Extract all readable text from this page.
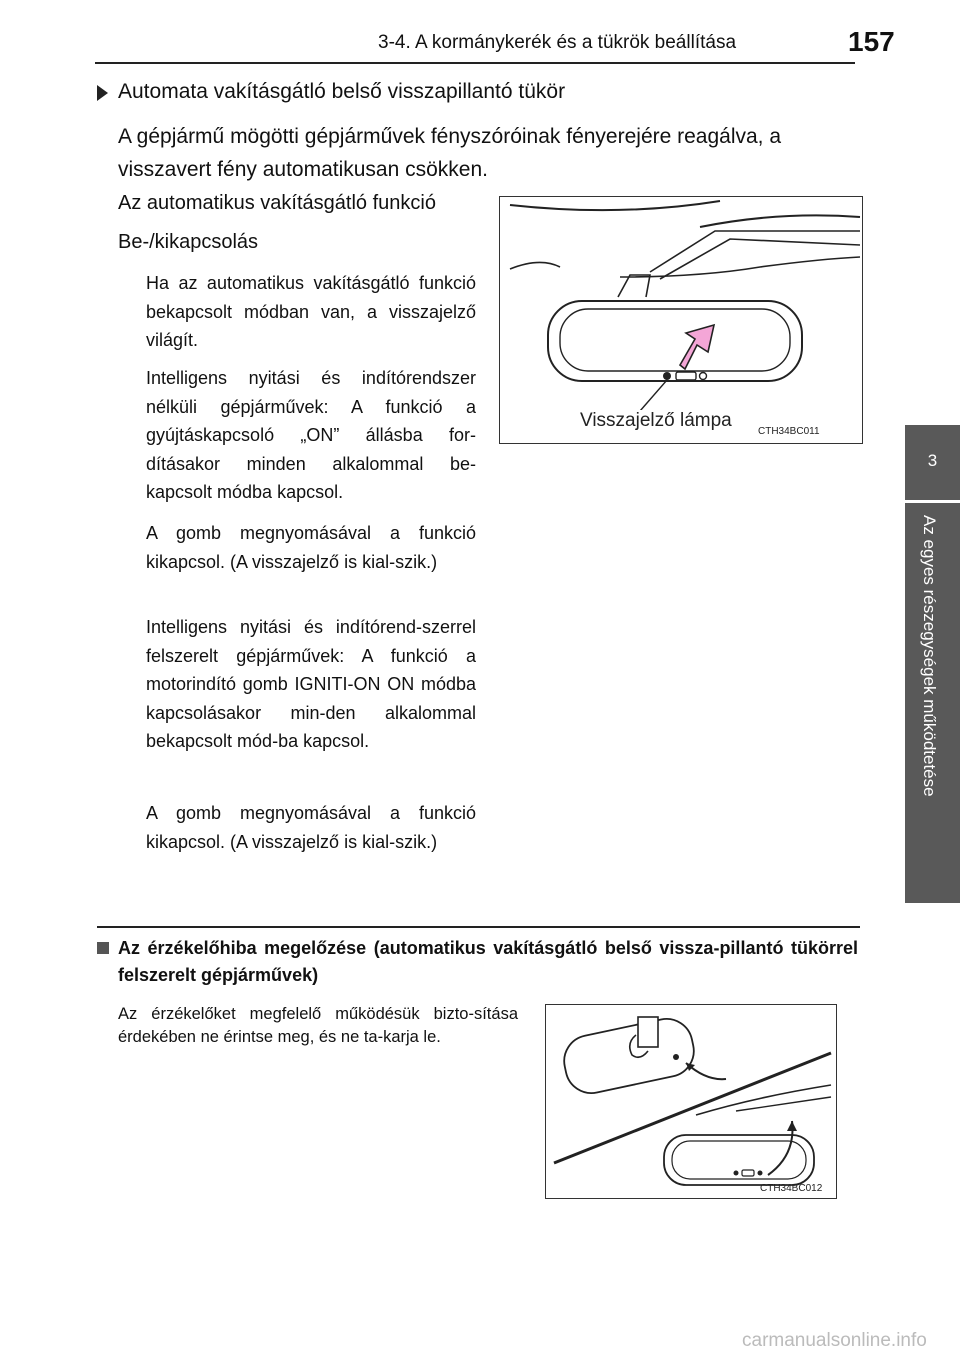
3-4. A kormánykerék és a tükrök beállítása	157
3
Az egyes részegységek működtetése
Automata vakításgátló belső visszapillantó tükör
A gépjármű mögötti gépjárművek fényszóróinak fényerejére reagálva, a visszavert fény automatikusan csökken.
Az automatikus vakításgátló funkció
Be-/kikapcsolás
Ha az automatikus vakításgátló funkció bekapcsolt módban van, a visszajelző világít.
Intelligens nyitási és indítórendszer nélküli gépjárművek: A funkció a gyújtáskapcsoló „ON” állásba for-dításakor minden alkalommal be-kapcsolt módba kapcsol.
A gomb megnyomásával a funkció kikapcsol. (A visszajelző is kial-szik.)
Intelligens nyitási és indítórend-szerrel felszerelt gépjárművek: A funkció a motorindító gomb IGNITI-ON ON módba kapcsolásakor min-den alkalommal bekapcsolt mód-ba kapcsol.
A gomb megnyomásával a funkció kikapcsol. (A visszajelző is kial-szik.)
Visszajelző lámpa
CTH34BC011
Az érzékelőhiba megelőzése (automatikus vakításgátló belső vissza-pillantó tükörrel felszerelt gépjárművek)
Az érzékelőket megfelelő működésük bizto-sítása érdekében ne érintse meg, és ne ta-karja le.
CTH34BC012
carmanualsonline.info
